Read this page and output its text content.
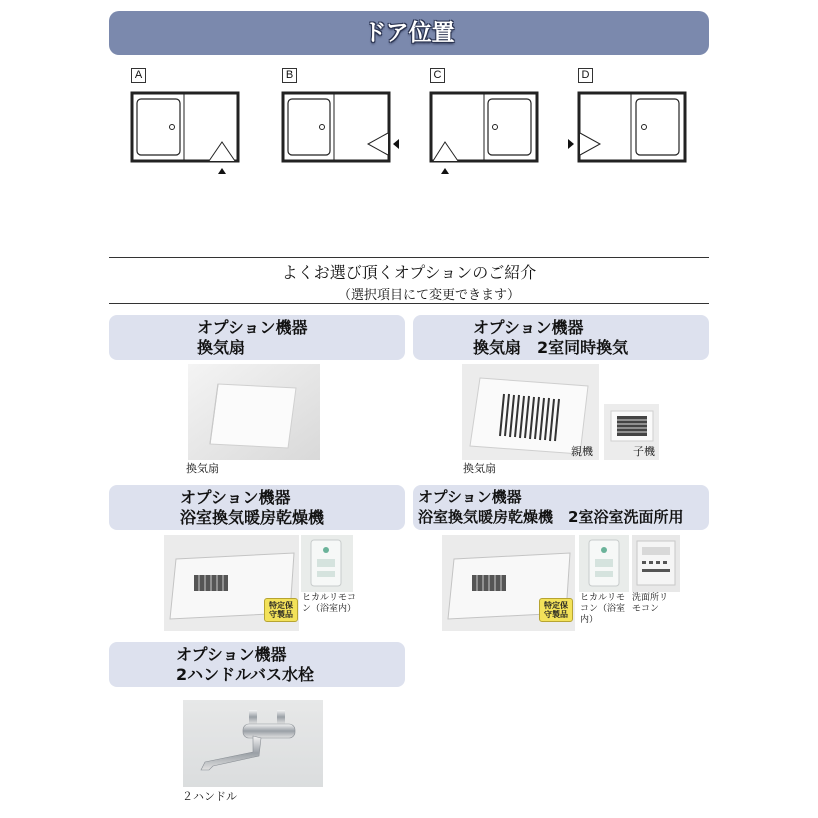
ドア位置
A	B	C	D
よくお選び頂くオプションのご紹介
（選択項目にて変更できます）
オプション機器
換気扇
換気扇
オプション機器
換気扇　2室同時換気
親機	子機
換気扇
オプション機器
浴室換気暖房乾燥機
特定保守製品
ヒカルリモコン（浴室内）
オプション機器
浴室換気暖房乾燥機　2室浴室洗面所用
特定保守製品
ヒカルリモコン（浴室内）
洗面所リモコン
オプション機器
2ハンドルバス水栓
２ハンドル
